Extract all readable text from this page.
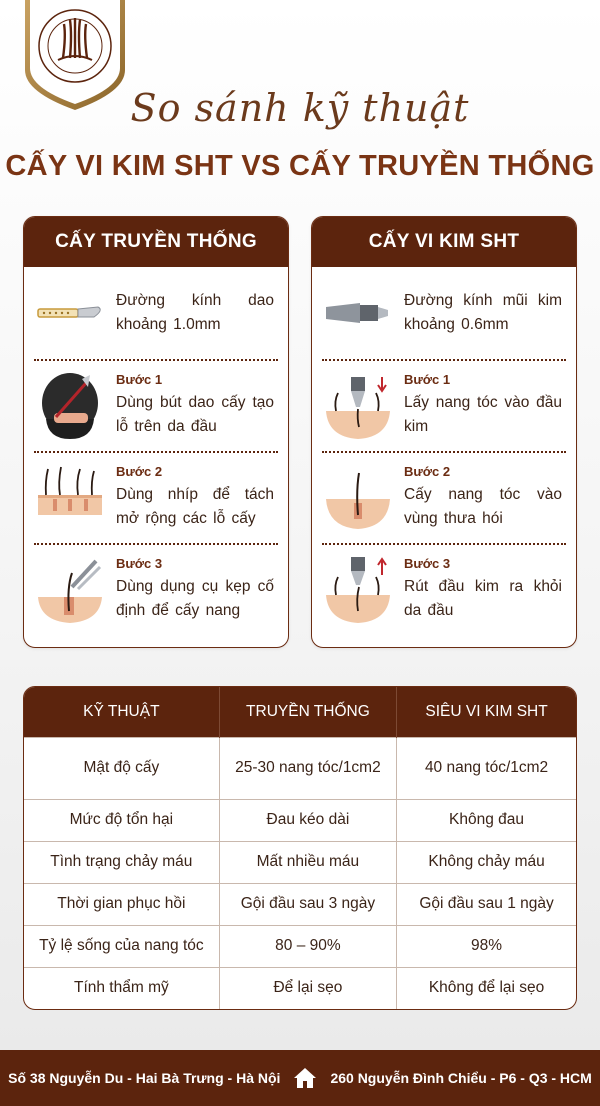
So sánh kỹ thuật
CẤY VI KIM SHT VS CẤY TRUYỀN THỐNG
CẤY TRUYỀN THỐNG
Đường kính dao khoảng 1.0mm
Bước 1
Dùng bút dao cấy tạo lỗ trên da đầu
Bước 2
Dùng nhíp để tách mở rộng các lỗ cấy
Bước 3
Dùng dụng cụ kẹp cố định để cấy nang
CẤY VI KIM SHT
Đường kính mũi kim khoảng 0.6mm
Bước 1
Lấy nang tóc vào đầu kim
Bước 2
Cấy nang tóc vào vùng thưa hói
Bước 3
Rút đầu kim ra khỏi da đầu
KỸ THUẬT	TRUYỀN THỐNG	SIÊU VI KIM SHT
Mật độ cấy	25-30 nang tóc/1cm2	40 nang tóc/1cm2
Mức độ tổn hại	Đau kéo dài	Không đau
Tình trạng chảy máu	Mất nhiều máu	Không chảy máu
Thời gian phục hồi	Gội đầu sau 3 ngày	Gội đầu sau 1 ngày
Tỷ lệ sống của nang tóc	80 – 90%	98%
Tính thẩm mỹ	Để lại sẹo	Không để lại sẹo
Số 38 Nguyễn Du - Hai Bà Trưng - Hà Nội	260 Nguyễn Đình Chiểu - P6 - Q3 - HCM
